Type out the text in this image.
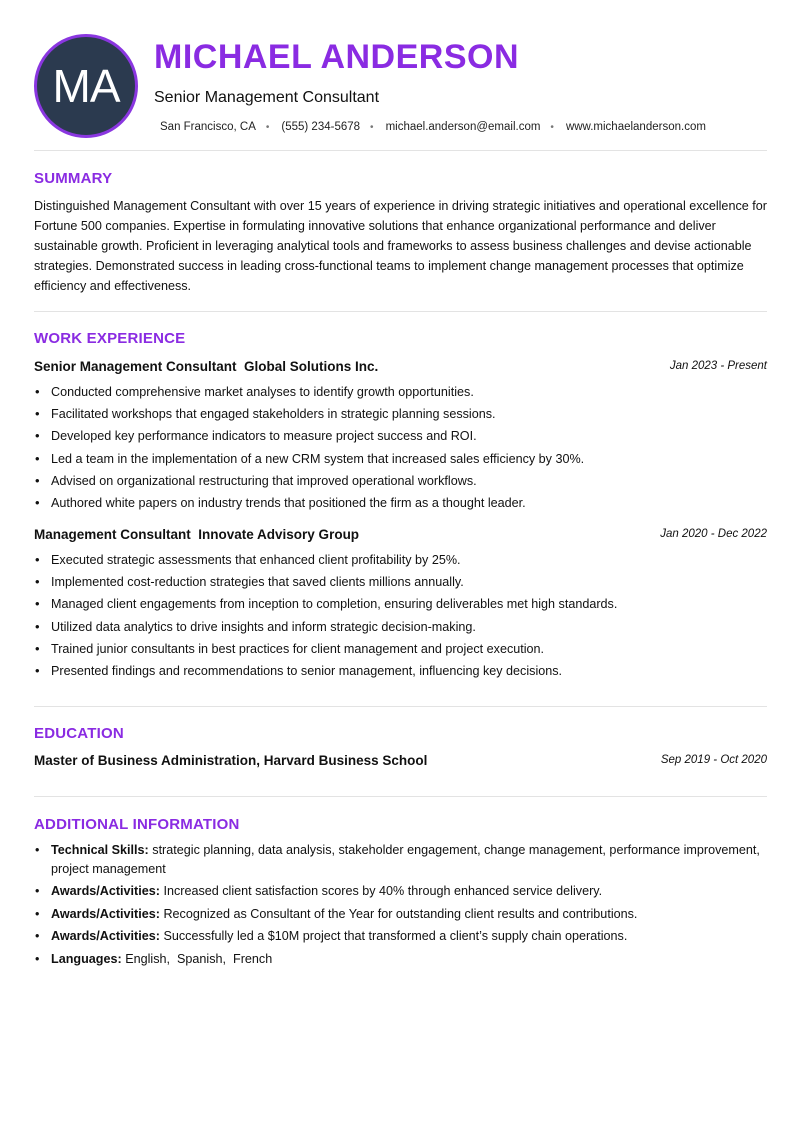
MA
MICHAEL ANDERSON
Senior Management Consultant
San Francisco, CA • (555) 234-5678 • michael.anderson@email.com • www.michaelanderson.com
SUMMARY

Distinguished Management Consultant with over 15 years of experience in driving strategic initiatives and operational excellence for Fortune 500 companies. Expertise in formulating innovative solutions that enhance organizational performance and deliver sustainable growth. Proficient in leveraging analytical tools and frameworks to assess business challenges and devise actionable strategies. Demonstrated success in leading cross-functional teams to implement change management processes that optimize efficiency and effectiveness.

WORK EXPERIENCE
Senior Management Consultant Global Solutions Inc.	Jan 2023 - Present
• Conducted comprehensive market analyses to identify growth opportunities.
• Facilitated workshops that engaged stakeholders in strategic planning sessions.
• Developed key performance indicators to measure project success and ROI.
• Led a team in the implementation of a new CRM system that increased sales efficiency by 30%.
• Advised on organizational restructuring that improved operational workflows.
• Authored white papers on industry trends that positioned the firm as a thought leader.
Management Consultant Innovate Advisory Group	Jan 2020 - Dec 2022
• Executed strategic assessments that enhanced client profitability by 25%.
• Implemented cost-reduction strategies that saved clients millions annually.
• Managed client engagements from inception to completion, ensuring deliverables met high standards.
• Utilized data analytics to drive insights and inform strategic decision-making.
• Trained junior consultants in best practices for client management and project execution.
• Presented findings and recommendations to senior management, influencing key decisions.
EDUCATION
Master of Business Administration, Harvard Business School	Sep 2019 - Oct 2020
ADDITIONAL INFORMATION
• Technical Skills: strategic planning, data analysis, stakeholder engagement, change management, performance improvement, project management
• Awards/Activities: Increased client satisfaction scores by 40% through enhanced service delivery.
• Awards/Activities: Recognized as Consultant of the Year for outstanding client results and contributions.
• Awards/Activities: Successfully led a $10M project that transformed a client’s supply chain operations.
• Languages: English,  Spanish,  French
